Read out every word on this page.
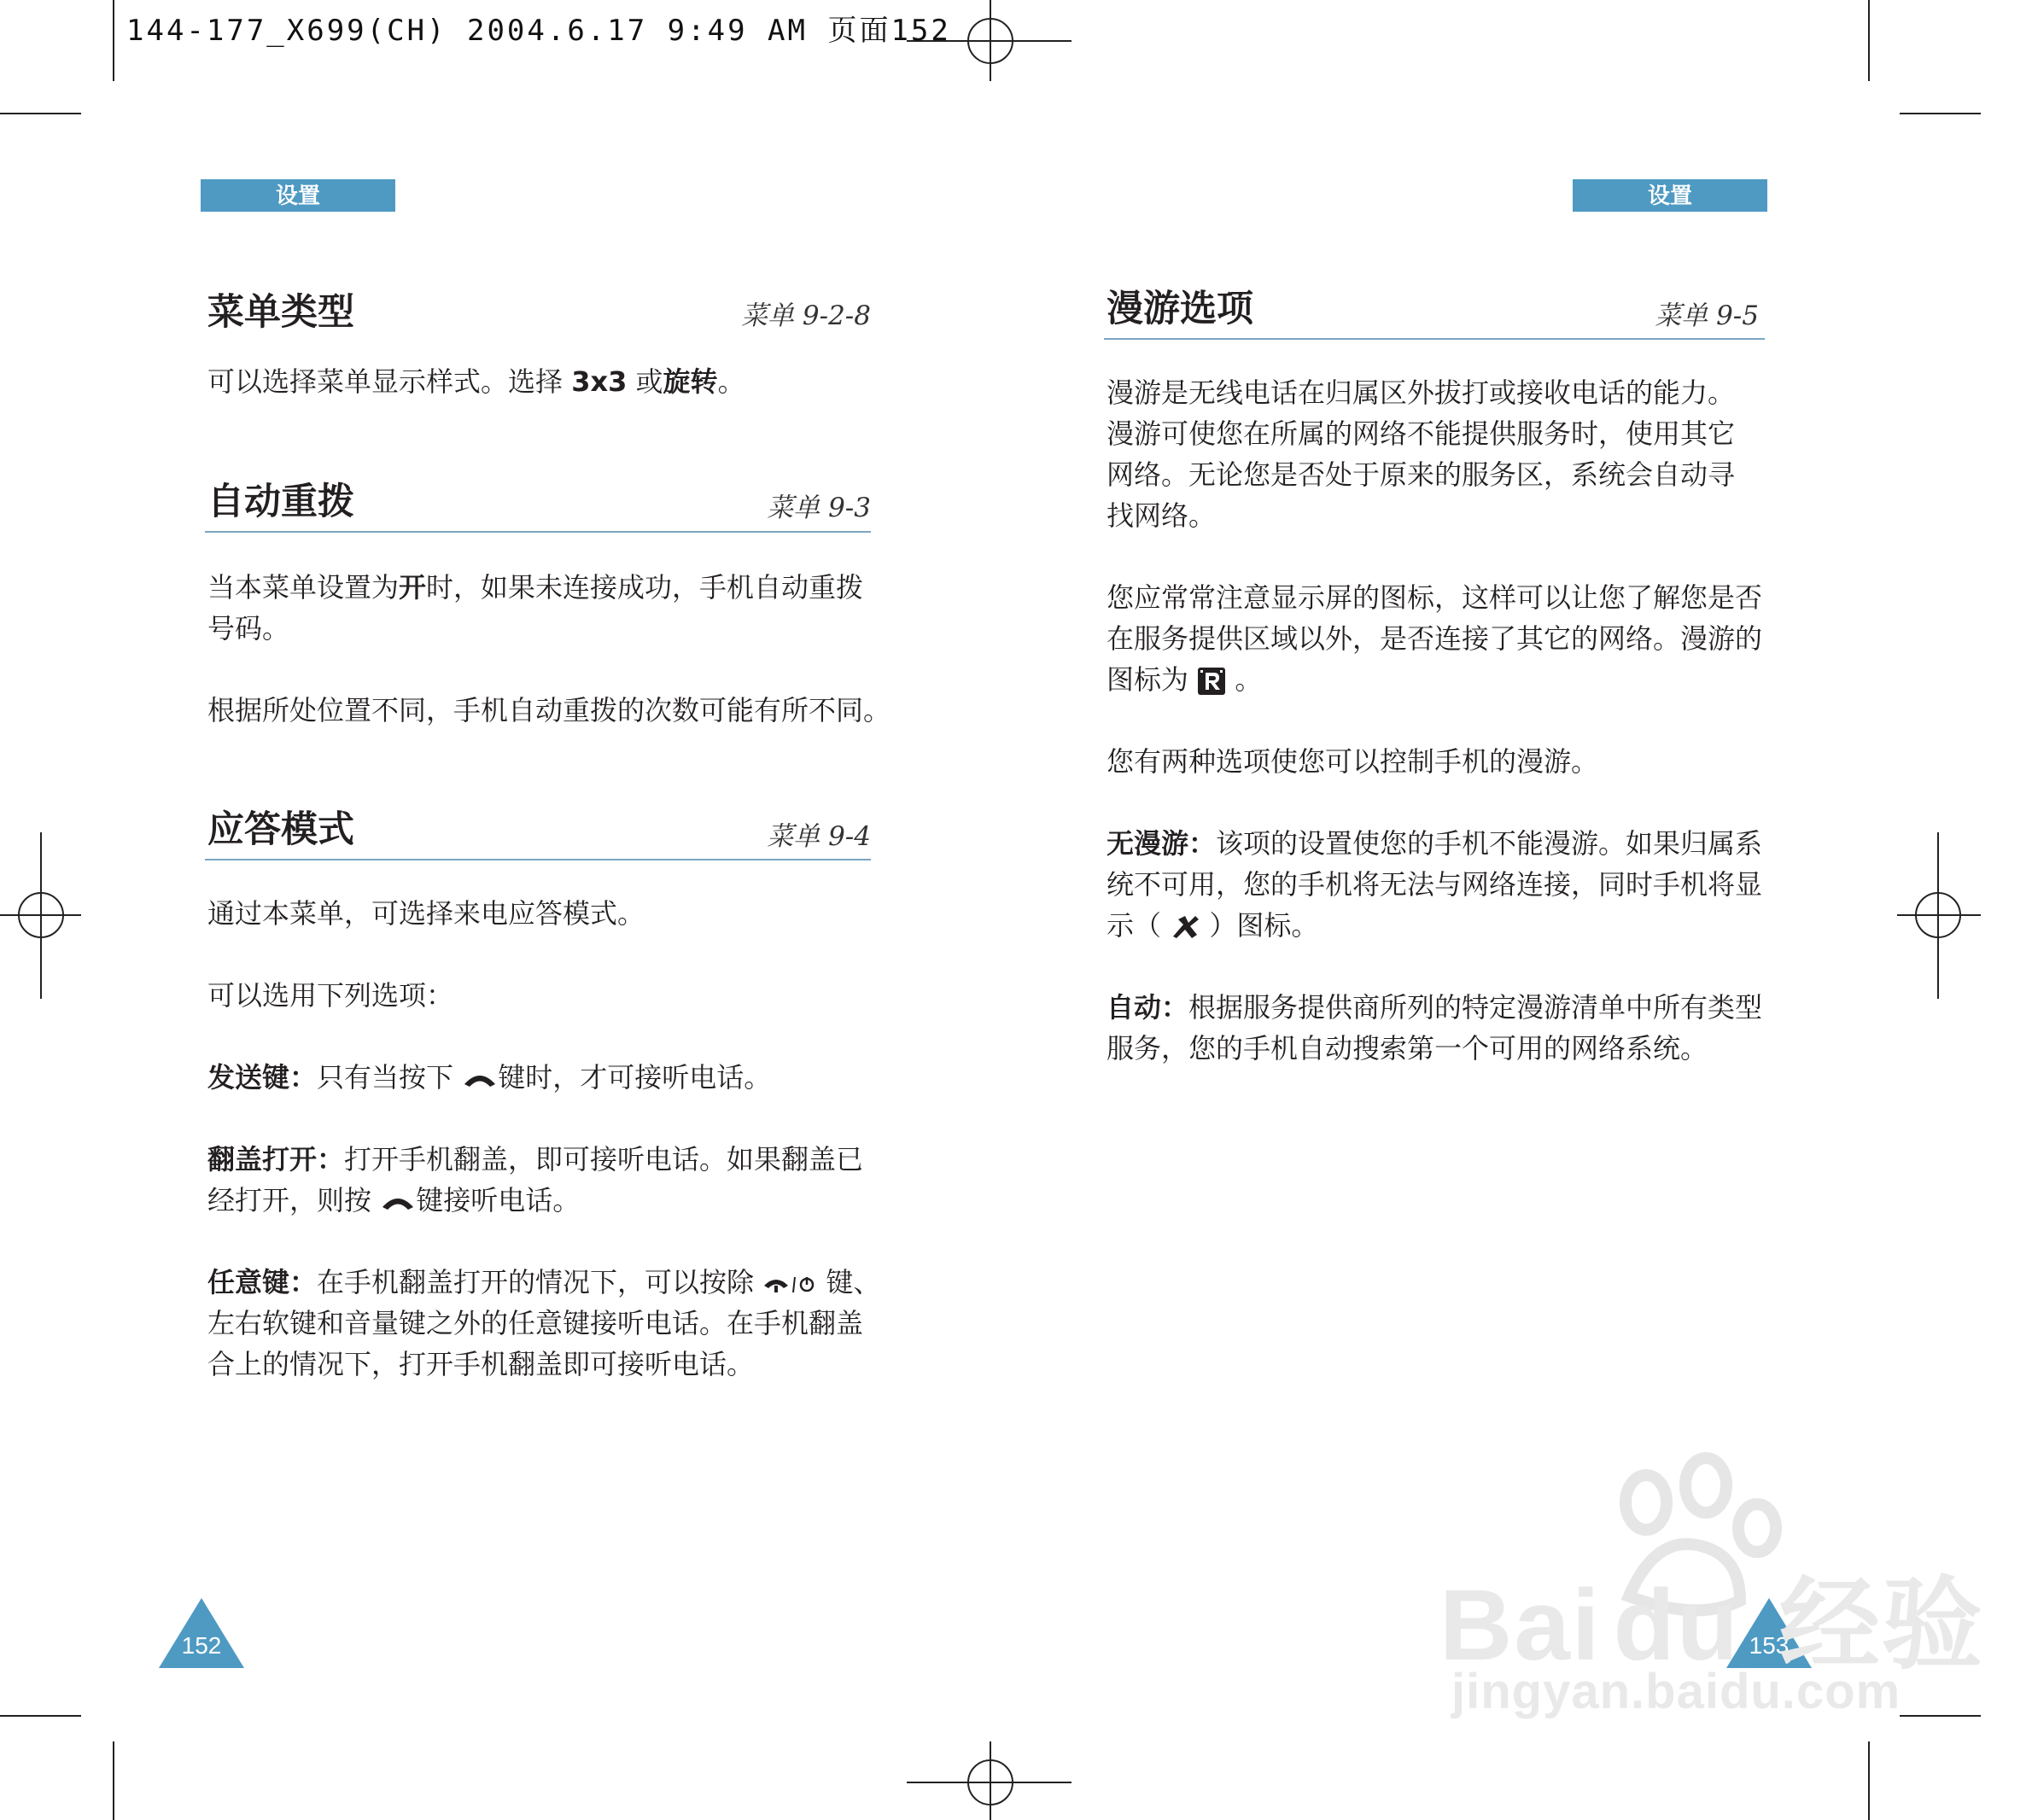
144-177_X699(CH) 2004.6.17 9:49 AM 页面152
设置
菜单类型	菜单 9-2-8

可以选择菜单显示样式。选择 3x3 或旋转。

自动重拨	菜单 9-3

当本菜单设置为开时，如果未连接成功，手机自动重拨
号码。

根据所处位置不同，手机自动重拨的次数可能有所不同。

应答模式	菜单 9-4

通过本菜单，可选择来电应答模式。

可以选用下列选项：

发送键：只有当按下 键时，才可接听电话。

翻盖打开：打开手机翻盖，即可接听电话。如果翻盖已
经打开，则按 键接听电话。

任意键：在手机翻盖打开的情况下，可以按除  键、
左右软键和音量键之外的任意键接听电话。在手机翻盖
合上的情况下，打开手机翻盖即可接听电话。

152
设置
漫游选项	菜单 9-5

漫游是无线电话在归属区外拔打或接收电话的能力。
漫游可使您在所属的网络不能提供服务时，使用其它
网络。无论您是否处于原来的服务区，系统会自动寻
找网络。

您应常常注意显示屏的图标，这样可以让您了解您是否
在服务提供区域以外，是否连接了其它的网络。漫游的
图标为  。

您有两种选项使您可以控制手机的漫游。

无漫游：该项的设置使您的手机不能漫游。如果归属系
统不可用，您的手机将无法与网络连接，同时手机将显
示（  ）图标。

自动：根据服务提供商所列的特定漫游清单中所有类型
服务，您的手机自动搜索第一个可用的网络系统。

153
Bai du 经验
jingyan.baidu.com
